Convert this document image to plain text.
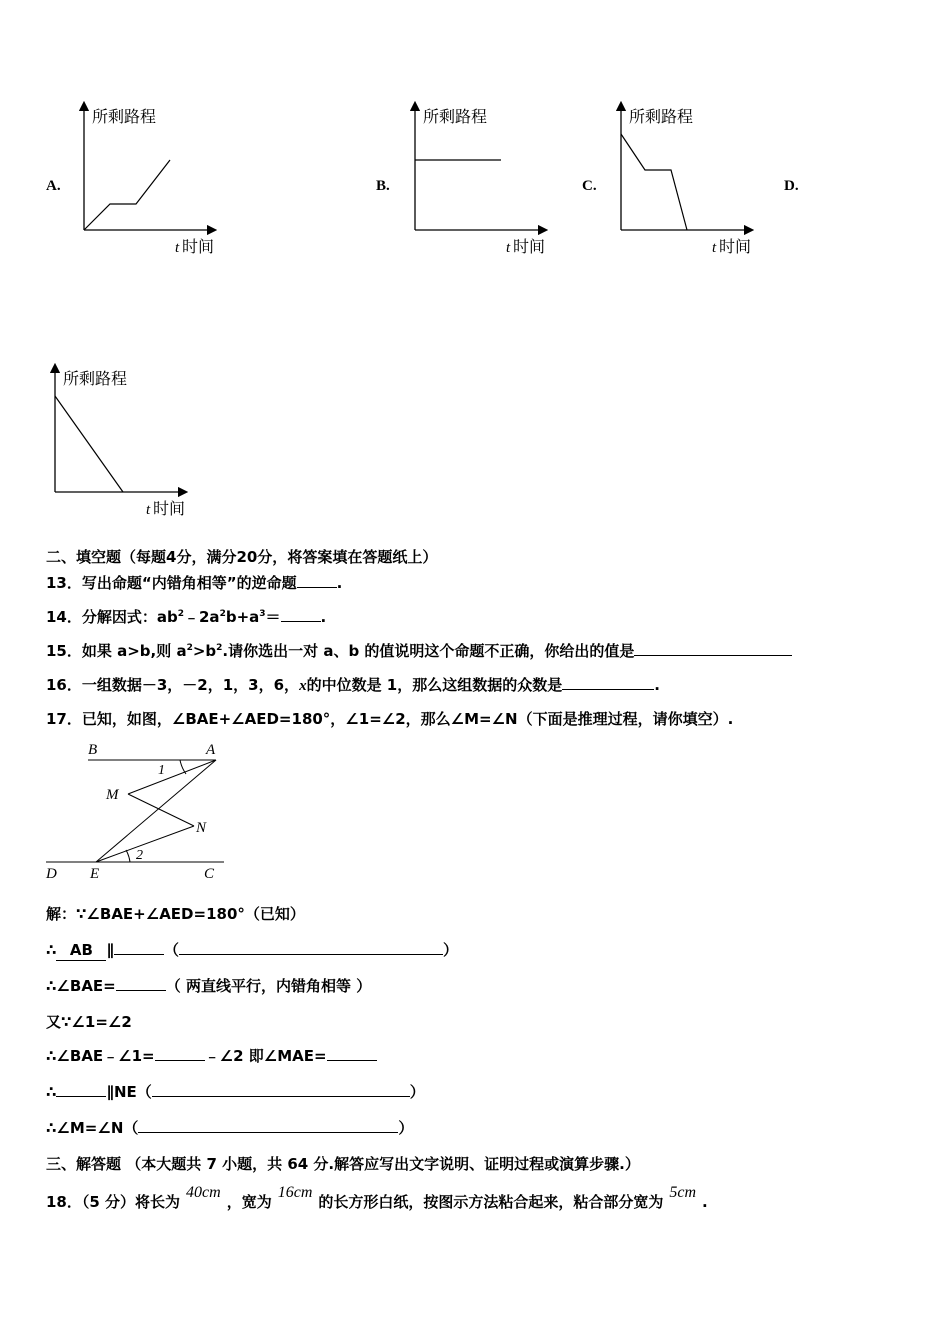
A.	B.	C.	D.
所剩路程
t 时间
所剩路程
t 时间
所剩路程
t 时间
所剩路程
t 时间
二、填空题（每题4分，满分20分，将答案填在答题纸上）
13．写出命题“内错角相等”的逆命题	.
14．分解因式：$ab^2﹣2a^2b+a^3=$	.
15．如果 a>b,则 $a^2>b^2$.请你选出一对 a、b 的值说明这个命题不正确，你给出的值是
16．一组数据－3，－2，1，3，6，x的中位数是 1，那么这组数据的众数是	.
17．已知，如图，∠BAE+∠AED=180°，∠1=∠2，那么∠M=∠N（下面是推理过程，请你填空）.
B	A
1
M
N
2
D E	C
解：∵∠BAE+∠AED=180°（已知）
∴ AB ∥	（	）
∴∠BAE=	（ 两直线平行，内错角相等 ）
又∵∠1=∠2
∴∠BAE﹣∠1=	﹣∠2 即∠MAE=
∴	∥NE（	）
∴∠M=∠N（	）
三、解答题 （本大题共 7 小题，共 64 分.解答应写出文字说明、证明过程或演算步骤.）
18．（5 分）将长为40cm，宽为16cm的长方形白纸，按图示方法粘合起来，粘合部分宽为5cm.
